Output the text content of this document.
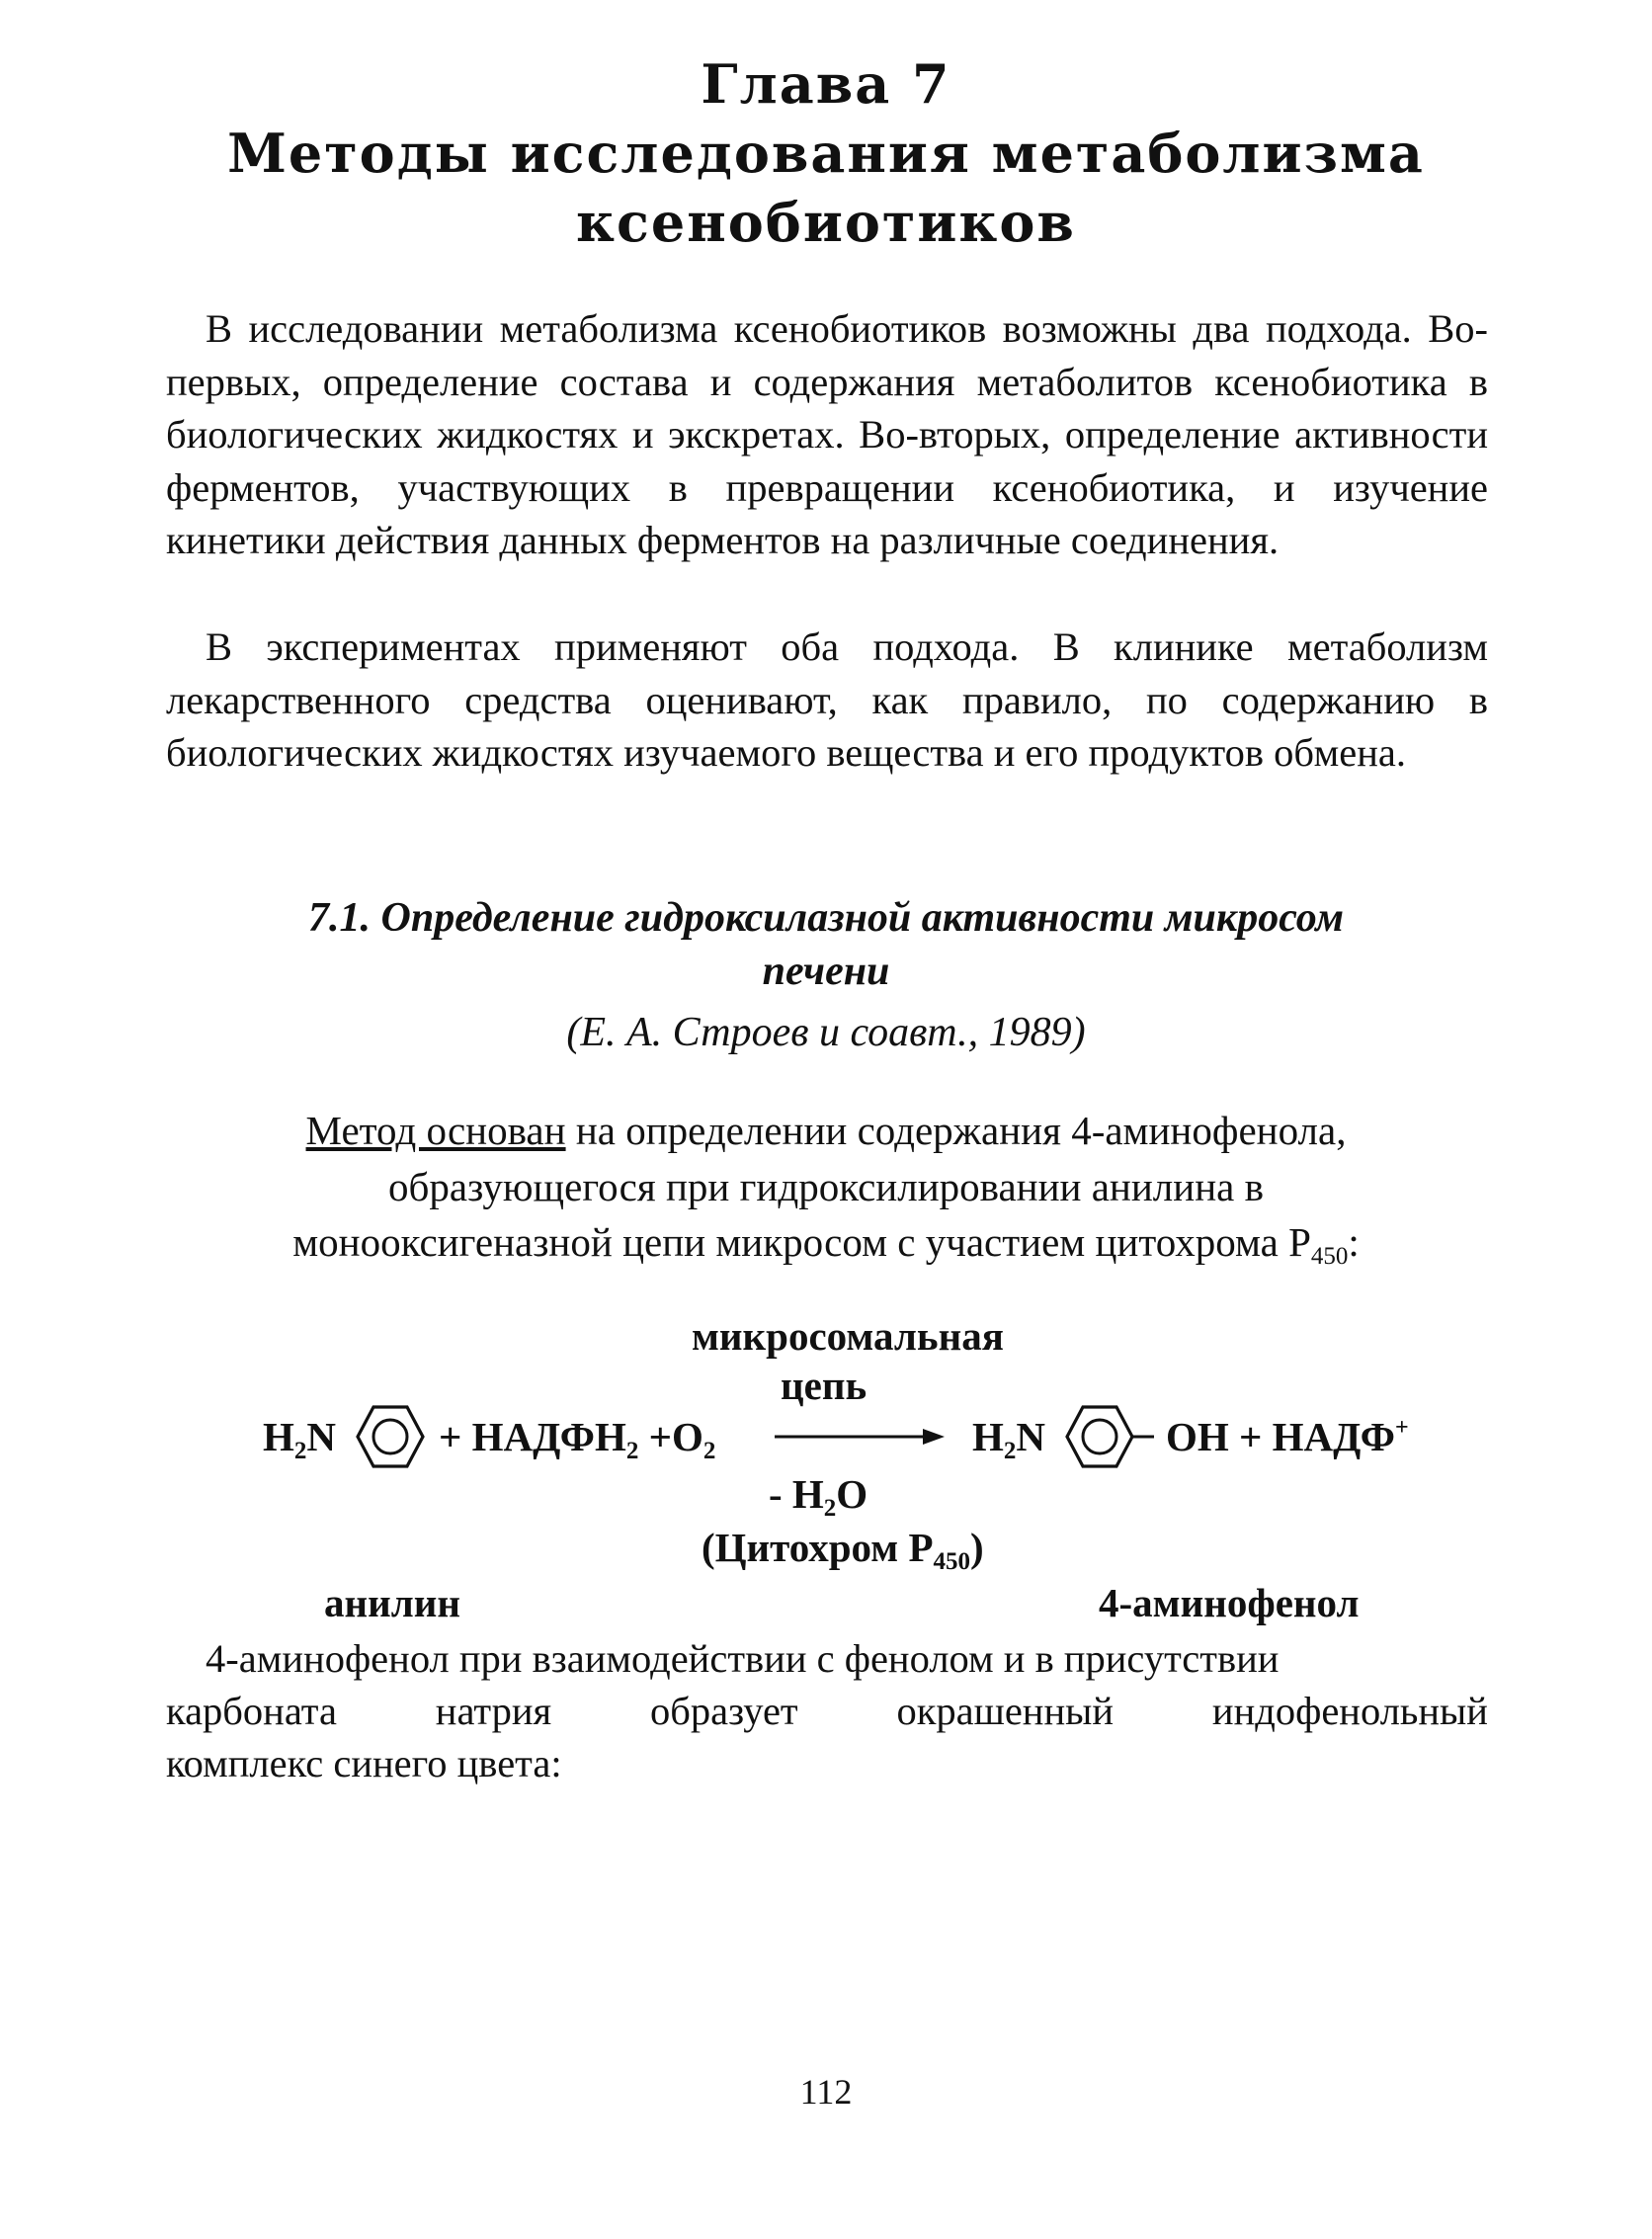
Глава 7
Методы исследования метаболизма
ксенобиотиков

В исследовании метаболизма ксенобиотиков возможны два подхода. Во-первых, определение состава и содержания метаболитов ксенобиотика в биологических жидкостях и экскретах. Во-вторых, определение активности ферментов, участвующих в превращении ксенобиотика, и изучение кинетики действия данных ферментов на различные соединения.

В экспериментах применяют оба подхода. В клинике метаболизм лекарственного средства оценивают, как правило, по содержанию в биологических жидкостях изучаемого вещества и его продуктов обмена.

7.1. Определение гидроксилазной активности микросом
печени
(Е. А. Строев и соавт., 1989)
Метод основан на определении содержания 4-аминофенола,
образующегося при гидроксилировании анилина в
монооксигеназной цепи микросом с участием цитохрома $P_{450}$:
микросомальная
цепь
$H_2N$	+ $НАДФН_2 +O_2$	$H_2N$	OH + НАДФ+
- $H_2O$
(Цитохром $P_{450}$)
анилин	4-аминофенол
4-аминофенол при взаимодействии с фенолом и в присутствии
карбоната натрия образует окрашенный индофенольный
комплекс синего цвета:
112
